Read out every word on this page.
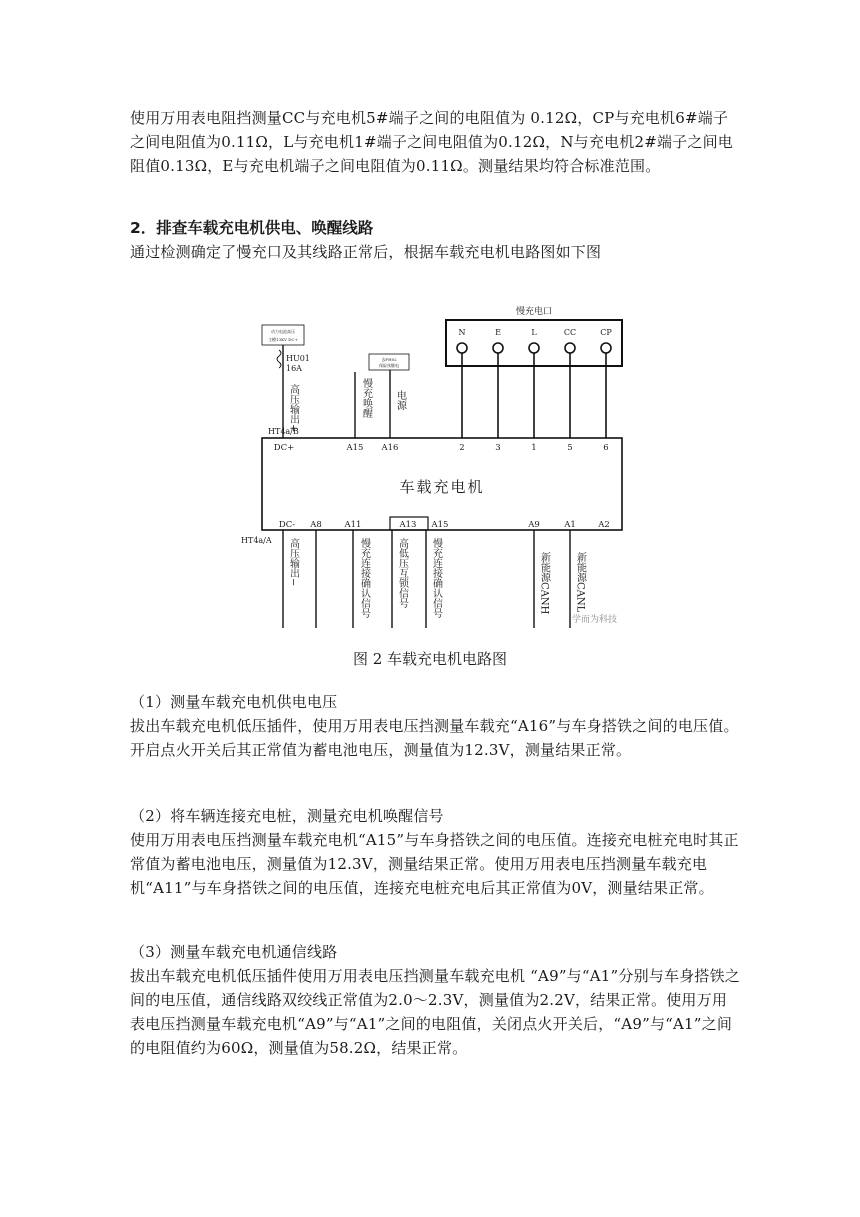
使用万用表电阻挡测量CC与充电机5#端子之间的电阻值为 0.12Ω，CP与充电机6#端子之间电阻值为0.11Ω，L与充电机1#端子之间电阻值为0.12Ω，N与充电机2#端子之间电阻值0.13Ω，E与充电机端子之间电阻值为0.11Ω。测量结果均符合标准范围。

2．排查车载充电机供电、唤醒线路

通过检测确定了慢充口及其线路正常后，根据车载充电机电路图如下图

慢充电口
N	E	L	CC	CP
车载充电机
DC+	A15 A16	2	3	1	5	6
动力电池高压
主模13KV DC+
HU01
16A
HT4a/B
去FH02
保险丝继电
高压输出+	慢充唤醒 电源
DC- A8	A11	A13 A15	A9	A1	A2
HT4a/A 高压输出−	慢充连接确认信号	高低压互锁信号 慢充连接确认信号	新能源CANH	新能源CANL
学而为科技
图 2 车载充电机电路图

（1）测量车载充电机供电电压

拔出车载充电机低压插件，使用万用表电压挡测量车载充“A16”与车身搭铁之间的电压值。开启点火开关后其正常值为蓄电池电压，测量值为12.3V，测量结果正常。

（2）将车辆连接充电桩，测量充电机唤醒信号

使用万用表电压挡测量车载充电机“A15”与车身搭铁之间的电压值。连接充电桩充电时其正常值为蓄电池电压，测量值为12.3V，测量结果正常。使用万用表电压挡测量车载充电机“A11”与车身搭铁之间的电压值，连接充电桩充电后其正常值为0V，测量结果正常。

（3）测量车载充电机通信线路

拔出车载充电机低压插件使用万用表电压挡测量车载充电机 “A9”与“A1”分别与车身搭铁之间的电压值，通信线路双绞线正常值为2.0～2.3V，测量值为2.2V，结果正常。使用万用表电压挡测量车载充电机“A9”与“A1”之间的电阻值，关闭点火开关后，“A9”与“A1”之间的电阻值约为60Ω，测量值为58.2Ω，结果正常。
